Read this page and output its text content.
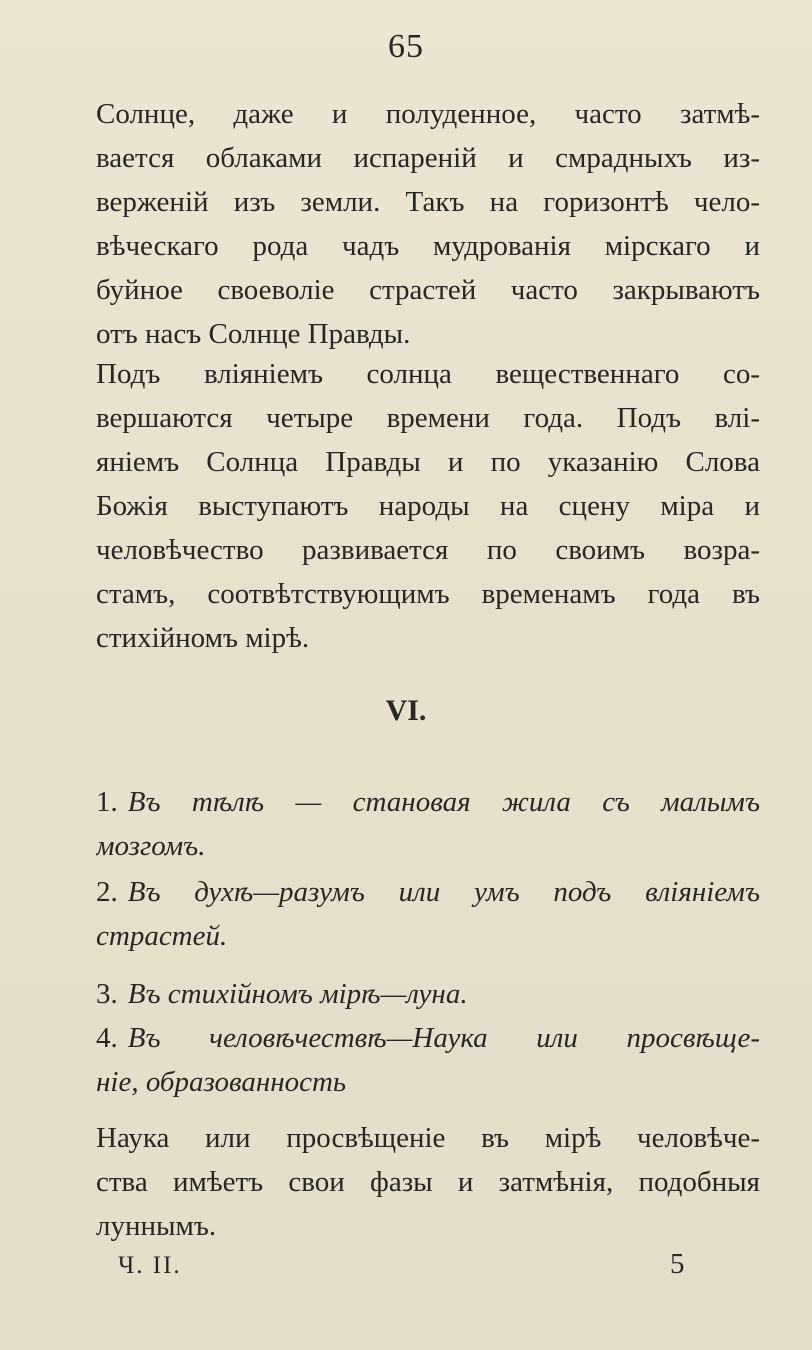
65
Солнце, даже и полуденное, часто затмѣ-
вается облаками испареній и смрадныхъ из-
верженій изъ земли. Такъ на горизонтѣ чело-
вѣческаго рода чадъ мудрованія мірскаго и
буйное своеволіе страстей часто закрываютъ
отъ насъ Солнце Правды.
Подъ вліяніемъ солнца вещественнаго со-
вершаются четыре времени года. Подъ влі-
яніемъ Солнца Правды и по указанію Слова
Божія выступаютъ народы на сцену міра и
человѣчество развивается по своимъ возра-
стамъ, соотвѣтствующимъ временамъ года въ
стихійномъ мірѣ.
VI.
1. Въ тѣлѣ — становая жила съ малымъ
мозгомъ.
2. Въ духѣ—разумъ или умъ подъ вліяніемъ
страстей.
3. Въ стихійномъ мірѣ—луна.
4. Въ человѣчествѣ—Наука или просвѣще-
ніе, образованность
Наука или просвѣщеніе въ мірѣ человѣче-
ства имѣетъ свои фазы и затмѣнія, подобныя
луннымъ.
Ч. II.	5
